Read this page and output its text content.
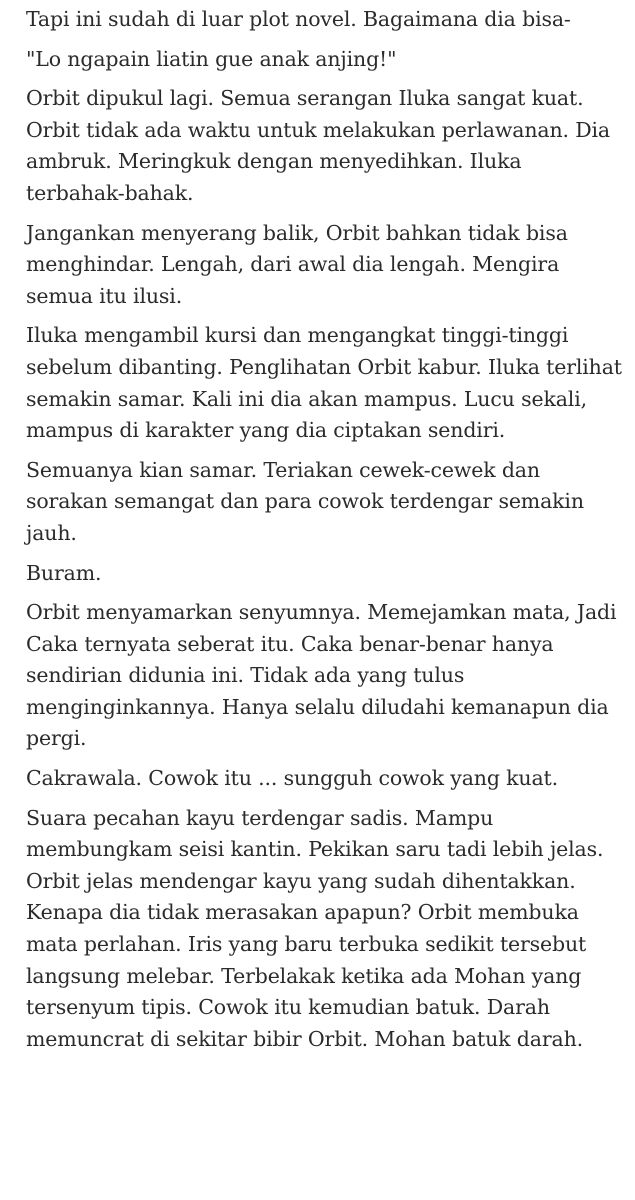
Tapi ini sudah di luar plot novel. Bagaimana dia bisa-

"Lo ngapain liatin gue anak anjing!"

Orbit dipukul lagi. Semua serangan Iluka sangat kuat. Orbit tidak ada waktu untuk melakukan perlawanan. Dia ambruk. Meringkuk dengan menyedihkan. Iluka terbahak-bahak.

Jangankan menyerang balik, Orbit bahkan tidak bisa menghindar. Lengah, dari awal dia lengah. Mengira semua itu ilusi.

Iluka mengambil kursi dan mengangkat tinggi-tinggi sebelum dibanting. Penglihatan Orbit kabur. Iluka terlihat semakin samar. Kali ini dia akan mampus. Lucu sekali, mampus di karakter yang dia ciptakan sendiri.

Semuanya kian samar. Teriakan cewek-cewek dan sorakan semangat dan para cowok terdengar semakin jauh.

Buram.

Orbit menyamarkan senyumnya. Memejamkan mata, Jadi Caka ternyata seberat itu. Caka benar-benar hanya sendirian didunia ini. Tidak ada yang tulus menginginkannya. Hanya selalu diludahi kemanapun dia pergi.

Cakrawala. Cowok itu ... sungguh cowok yang kuat.

Suara pecahan kayu terdengar sadis. Mampu membungkam seisi kantin. Pekikan saru tadi lebih jelas. Orbit jelas mendengar kayu yang sudah dihentakkan. Kenapa dia tidak merasakan apapun? Orbit membuka mata perlahan. Iris yang baru terbuka sedikit tersebut langsung melebar. Terbelakak ketika ada Mohan yang tersenyum tipis. Cowok itu kemudian batuk. Darah memuncrat di sekitar bibir Orbit. Mohan batuk darah.
